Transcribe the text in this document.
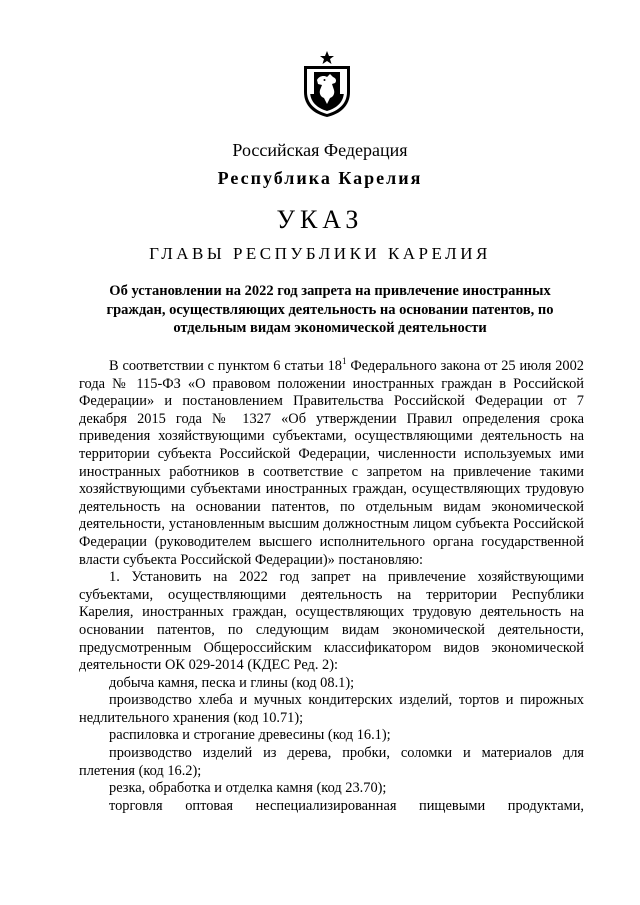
Российская Федерация
Республика Карелия
УКАЗ
ГЛАВЫ РЕСПУБЛИКИ КАРЕЛИЯ
Об установлении на 2022 год запрета на привлечение иностранных
граждан, осуществляющих деятельность на основании патентов, по
отдельным видам экономической деятельности

В соответствии с пунктом 6 статьи $18^1$ Федерального закона от 25 июля 2002 года № 115-ФЗ «О правовом положении иностранных граждан в Российской Федерации» и постановлением Правительства Российской Федерации от 7 декабря 2015 года № 1327 «Об утверждении Правил определения срока приведения хозяйствующими субъектами, осуществляющими деятельность на территории субъекта Российской Федерации, численности используемых ими иностранных работников в соответствие с запретом на привлечение такими хозяйствующими субъектами иностранных граждан, осуществляющих трудовую деятельность на основании патентов, по отдельным видам экономической деятельности, установленным высшим должностным лицом субъекта Российской Федерации (руководителем высшего исполнительного органа государственной власти субъекта Российской Федерации)» постановляю:

1. Установить на 2022 год запрет на привлечение хозяйствующими субъектами, осуществляющими деятельность на территории Республики Карелия, иностранных граждан, осуществляющих трудовую деятельность на основании патентов, по следующим видам экономической деятельности, предусмотренным Общероссийским классификатором видов экономической деятельности ОК 029-2014 (КДЕС Ред. 2):

добыча камня, песка и глины (код 08.1);

производство хлеба и мучных кондитерских изделий, тортов и пирожных недлительного хранения (код 10.71);

распиловка и строгание древесины (код 16.1);

производство изделий из дерева, пробки, соломки и материалов для плетения (код 16.2);

резка, обработка и отделка камня (код 23.70);

торговля оптовая неспециализированная пищевыми продуктами,
